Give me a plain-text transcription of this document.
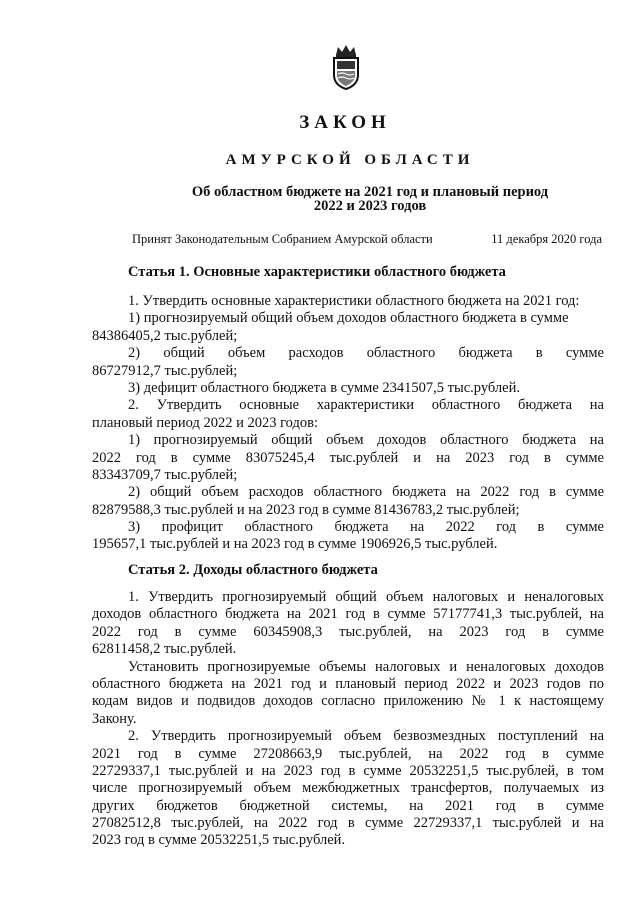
ЗАКОН
АМУРСКОЙ ОБЛАСТИ
Об областном бюджете на 2021 год и плановый период
2022 и 2023 годов
Принят Законодательным Собранием Амурской области	11 декабря 2020 года
Статья 1. Основные характеристики областного бюджета
1. Утвердить основные характеристики областного бюджета на 2021 год:
1) прогнозируемый общий объем доходов областного бюджета в сумме
84386405,2 тыс.рублей;
2) общий объем расходов областного бюджета в сумме
86727912,7 тыс.рублей;
3) дефицит областного бюджета в сумме 2341507,5 тыс.рублей.
2. Утвердить основные характеристики областного бюджета на
плановый период 2022 и 2023 годов:
1) прогнозируемый общий объем доходов областного бюджета на
2022 год в сумме 83075245,4 тыс.рублей и на 2023 год в сумме
83343709,7 тыс.рублей;
2) общий объем расходов областного бюджета на 2022 год в сумме
82879588,3 тыс.рублей и на 2023 год в сумме 81436783,2 тыс.рублей;
3) профицит областного бюджета на 2022 год в сумме
195657,1 тыс.рублей и на 2023 год в сумме 1906926,5 тыс.рублей.
Статья 2. Доходы областного бюджета
1. Утвердить прогнозируемый общий объем налоговых и неналоговых
доходов областного бюджета на 2021 год в сумме 57177741,3 тыс.рублей, на
2022 год в сумме 60345908,3 тыс.рублей, на 2023 год в сумме
62811458,2 тыс.рублей.
Установить прогнозируемые объемы налоговых и неналоговых доходов
областного бюджета на 2021 год и плановый период 2022 и 2023 годов по
кодам видов и подвидов доходов согласно приложению № 1 к настоящему
Закону.
2. Утвердить прогнозируемый объем безвозмездных поступлений на
2021 год в сумме 27208663,9 тыс.рублей, на 2022 год в сумме
22729337,1 тыс.рублей и на 2023 год в сумме 20532251,5 тыс.рублей, в том
числе прогнозируемый объем межбюджетных трансфертов, получаемых из
других бюджетов бюджетной системы, на 2021 год в сумме
27082512,8 тыс.рублей, на 2022 год в сумме 22729337,1 тыс.рублей и на
2023 год в сумме 20532251,5 тыс.рублей.
